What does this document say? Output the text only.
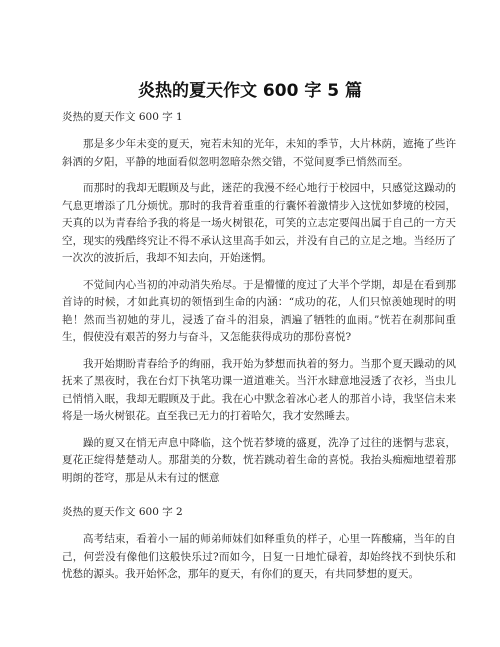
炎热的夏天作文 600 字 5 篇

炎热的夏天作文 600 字 1

那是多少年未变的夏天，宛若未知的光年，未知的季节，大片林荫，遮掩了些许斜洒的夕阳，平静的地面看似忽明忽暗杂然交错，不觉间夏季已悄然而至。

而那时的我却无暇顾及与此，迷茫的我漫不经心地行于校园中，只感觉这躁动的气息更增添了几分烦忧。那时的我背着重重的行囊怀着激情步入这忧如梦境的校园，天真的以为青春给予我的将是一场火树银花，可笑的立志定要闯出属于自己的一方天空，现实的残酷终究让不得不承认这里高手如云，并没有自己的立足之地。当经历了一次次的波折后，我却不知去向，开始迷惘。

不觉间内心当初的冲动消失殆尽。于是懵懂的度过了大半个学期，却是在看到那首诗的时候，才如此真切的领悟到生命的内涵：“成功的花，人们只惊羡她现时的明艳！然而当初她的芽儿，浸透了奋斗的泪泉，洒遍了牺牲的血雨。”恍若在刹那间重生，假使没有艰苦的努力与奋斗，又怎能获得成功的那份喜悦?

我开始期盼青春给予的绚丽，我开始为梦想而执着的努力。当那个夏天躁动的风抚来了黑夜时，我在台灯下执笔功课一道道难关。当汗水肆意地浸透了衣衫，当虫儿已悄悄入眠，我却无暇顾及于此。我在心中默念着冰心老人的那首小诗，我坚信未来将是一场火树银花。直至我已无力的打着哈欠，我才安然睡去。

躁的夏又在悄无声息中降临，这个恍若梦境的盛夏，洗净了过往的迷惘与悲哀，夏花正绽得楚楚动人。那甜美的分数，恍若跳动着生命的喜悦。我抬头痴痴地望着那明朗的苍穹，那是从未有过的惬意

炎热的夏天作文 600 字 2

高考结束，看着小一届的师弟师妹们如释重负的样子，心里一阵酸痛，当年的自己，何尝没有像他们这般快乐过?而如今，日复一日地忙碌着，却始终找不到快乐和忧愁的源头。我开始怀念，那年的夏天，有你们的夏天，有共同梦想的夏天。
